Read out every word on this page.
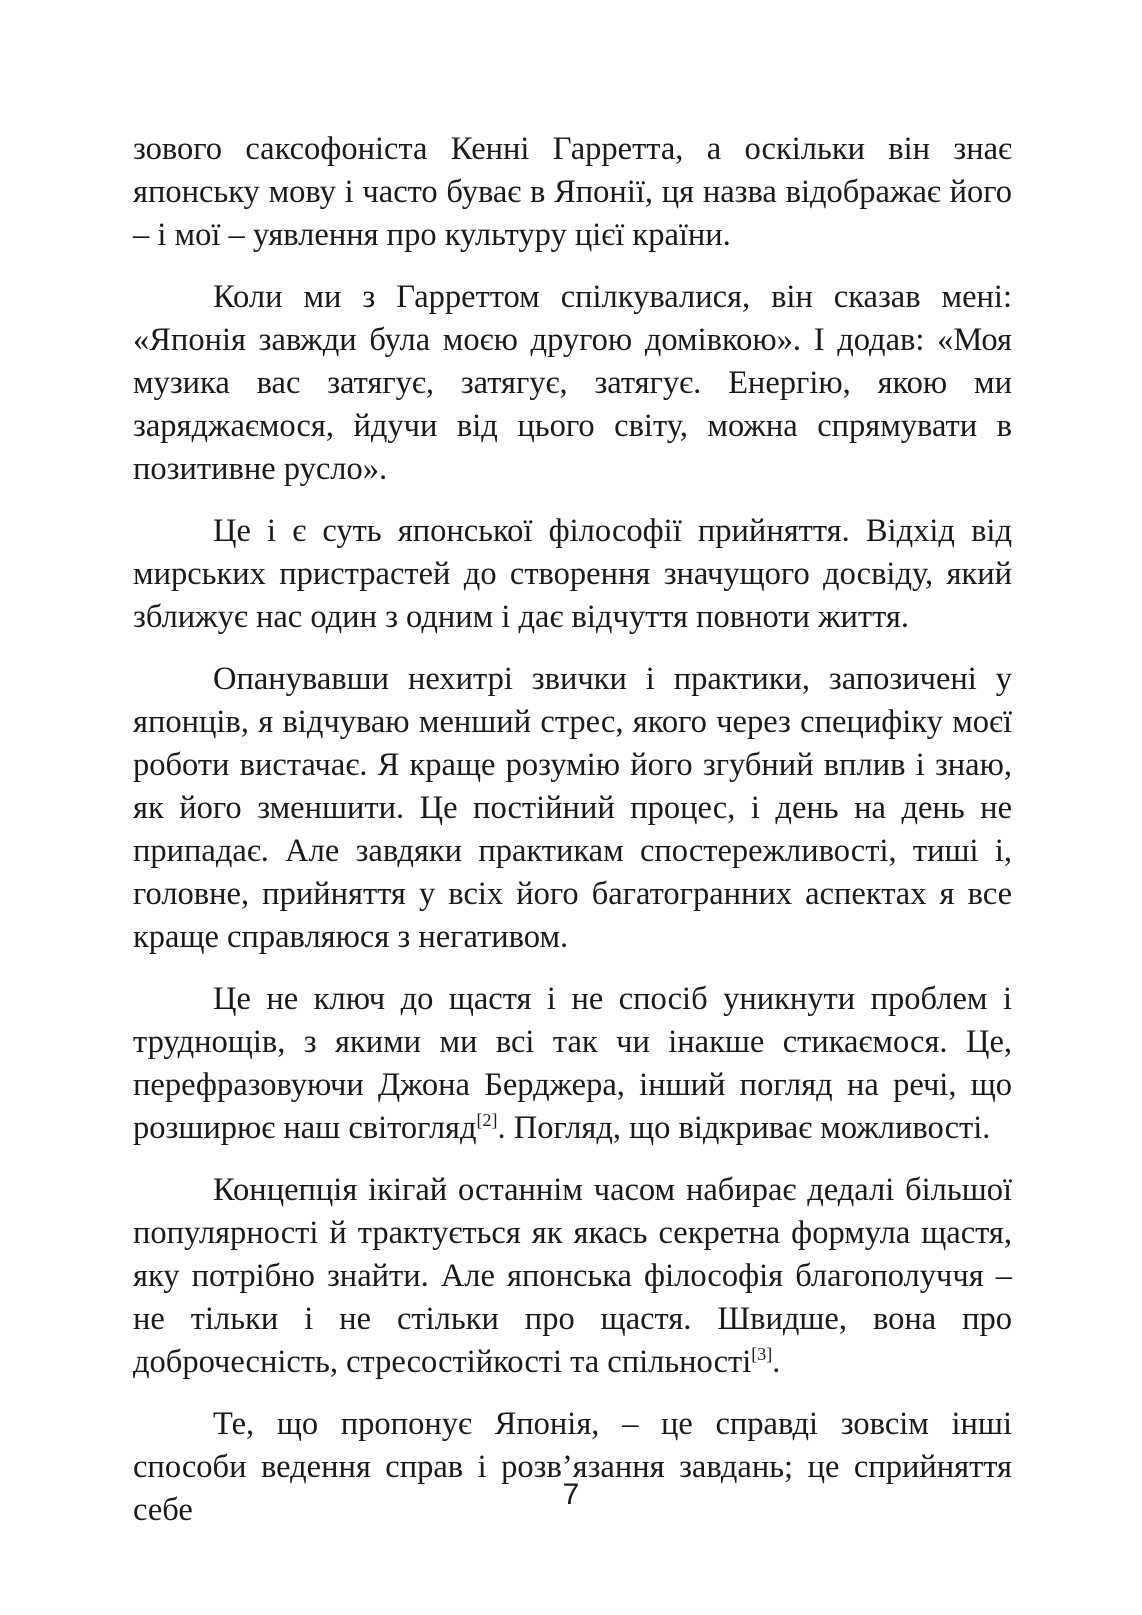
зового саксофоніста Кенні Гарретта, а оскільки він знає японську мову і часто буває в Японії, ця назва відображає його – і мої – уявлення про культуру цієї країни.

Коли ми з Гарреттом спілкувалися, він сказав мені: «Японія завжди була моєю другою домівкою». І додав: «Моя музика вас затягує, затягує, затягує. Енергію, якою ми заряджаємося, йдучи від цього світу, можна спрямувати в позитивне русло».

Це і є суть японської філософії прийняття. Відхід від мирських пристрастей до створення значущого досвіду, який зближує нас один з одним і дає відчуття повноти життя.

Опанувавши нехитрі звички і практики, запозичені у японців, я відчуваю менший стрес, якого через специфіку моєї роботи вистачає. Я краще розумію його згубний вплив і знаю, як його зменшити. Це постійний процес, і день на день не припадає. Але завдяки практикам спостережливості, тиші і, головне, прийняття у всіх його багатогранних аспектах я все краще справляюся з негативом.

Це не ключ до щастя і не спосіб уникнути проблем і труднощів, з якими ми всі так чи інакше стикаємося. Це, перефразовуючи Джона Берджера, інший погляд на речі, що розширює наш світогляд[2]. Погляд, що відкриває можливості.

Концепція ікігай останнім часом набирає дедалі більшої популярності й трактується як якась секретна формула щастя, яку потрібно знайти. Але японська філософія благополуччя – не тільки і не стільки про щастя. Швидше, вона про доброчесність, стресостійкості та спільності[3].

Те, що пропонує Японія, – це справді зовсім інші способи ведення справ і розв’язання завдань; це сприйняття себе	7
